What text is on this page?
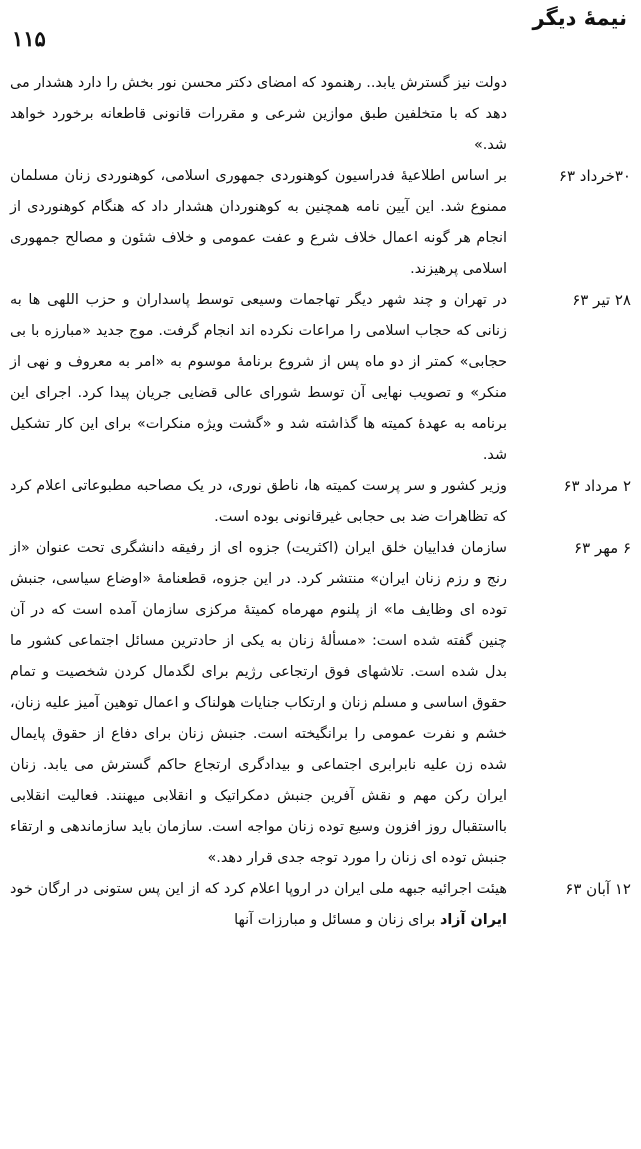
نیمهٔ دیگر
۱۱۵
دولت نیز گسترش یابد.. رهنمود که امضای دکتر محسن نور بخش را دارد هشدار می دهد که با متخلفین طبق موازین شرعی و مقررات قانونی قاطعانه برخورد خواهد شد.»
۳۰خرداد ۶۳
بر اساس اطلاعیهٔ فدراسیون کوهنوردی جمهوری اسلامی، کوهنوردی زنان مسلمان ممنوع شد. این آیین نامه همچنین به کوهنوردان هشدار داد که هنگام کوهنوردی از انجام هر گونه اعمال خلاف شرع و عفت عمومی و خلاف شئون و مصالح جمهوری اسلامی پرهیزند.
۲۸ تیر ۶۳
در تهران و چند شهر دیگر تهاجمات وسیعی توسط پاسداران و حزب اللهی ها به زنانی که حجاب اسلامی را مراعات نکرده اند انجام گرفت. موج جدید «مبارزه با بی حجابی» کمتر از دو ماه پس از شروع برنامهٔ موسوم به «امر به معروف و نهی از منکر» و تصویب نهایی آن توسط شورای عالی قضایی جریان پیدا کرد. اجرای این برنامه به عهدهٔ کمیته ها گذاشته شد و «گشت ویژه منکرات» برای این کار تشکیل شد.
۲ مرداد ۶۳
وزیر کشور و سر پرست کمیته ها، ناطق نوری، در یک مصاحبه مطبوعاتی اعلام کرد که تظاهرات ضد بی حجابی غیرقانونی بوده است.
۶ مهر ۶۳
سازمان فداییان خلق ایران (اکثریت) جزوه ای از رفیقه دانشگری تحت عنوان «از رنج و رزم زنان ایران» منتشر کرد. در این جزوه، قطعنامهٔ «اوضاع سیاسی، جنبش توده ای وظایف ما» از پلنوم مهرماه کمیتهٔ مرکزی سازمان آمده است که در آن چنین گفته شده است: «مسألهٔ زنان به یکی از حادترین مسائل اجتماعی کشور ما بدل شده است. تلاشهای فوق ارتجاعی رژیم برای لگدمال کردن شخصیت و تمام حقوق اساسی و مسلم زنان و ارتکاب جنایات هولناک و اعمال توهین آمیز علیه زنان، خشم و نفرت عمومی را برانگیخته است. جنبش زنان برای دفاع از حقوق پایمال شده زن علیه نابرابری اجتماعی و بیدادگری ارتجاع حاکم گسترش می یابد. زنان ایران رکن مهم و نقش آفرین جنبش دمکراتیک و انقلابی میهنند. فعالیت انقلابی بااستقبال روز افزون وسیع توده زنان مواجه است. سازمان باید سازماندهی و ارتقاء جنبش توده ای زنان را مورد توجه جدی قرار دهد.»
۱۲ آبان ۶۳
هیئت اجرائیه جبهه ملی ایران در اروپا اعلام کرد که از این پس ستونی در ارگان خود ایران آزاد برای زنان و مسائل و مبارزات آنها
